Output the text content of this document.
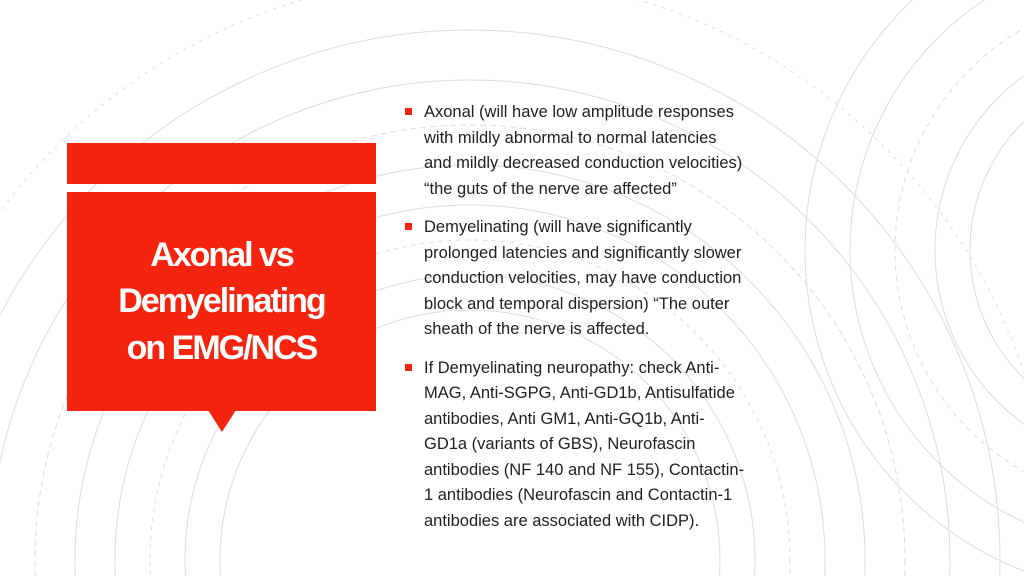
Axonal vs
Demyelinating
on EMG/NCS
Axonal (will have low amplitude responses
with mildly abnormal to normal latencies
and mildly decreased conduction velocities)
“the guts of the nerve are affected”
Demyelinating (will have significantly
prolonged latencies and significantly slower
conduction velocities, may have conduction
block and temporal dispersion) “The outer
sheath of the nerve is affected.
If Demyelinating neuropathy: check Anti-
MAG, Anti-SGPG, Anti-GD1b, Antisulfatide
antibodies, Anti GM1, Anti-GQ1b, Anti-
GD1a (variants of GBS), Neurofascin
antibodies (NF 140 and NF 155), Contactin-
1 antibodies (Neurofascin and Contactin-1
antibodies are associated with CIDP).
